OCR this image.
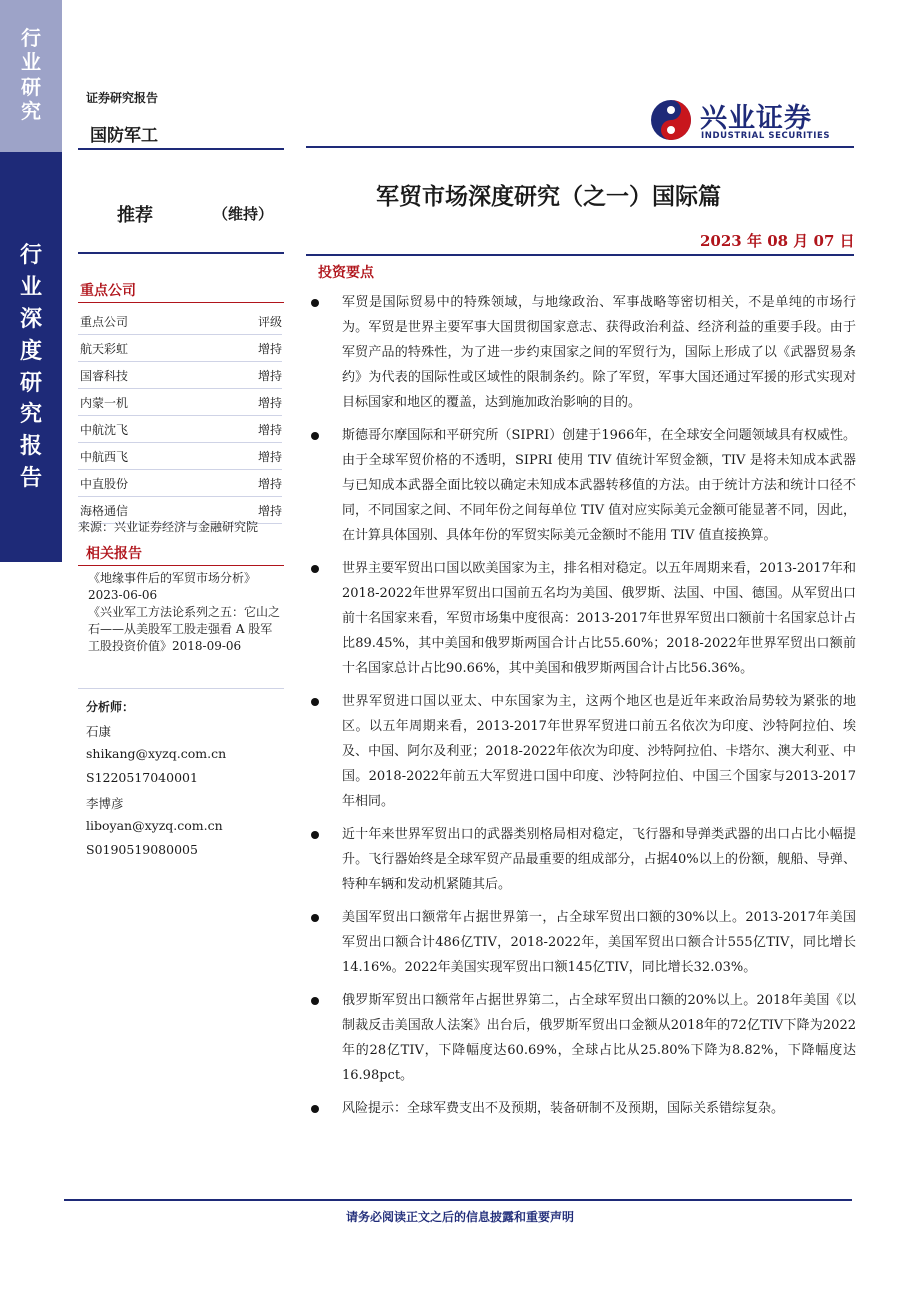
行
业
研
究
行
业
深
度
研
究
报
告
证券研究报告
国防军工
兴业证券
INDUSTRIAL SECURITIES
推荐	（维持）
军贸市场深度研究（之一）国际篇
2023 年 08 月 07 日
重点公司
重点公司	评级
航天彩虹	增持
国睿科技	增持
内蒙一机	增持
中航沈飞	增持
中航西飞	增持
中直股份	增持
海格通信	增持
来源：兴业证券经济与金融研究院
相关报告

《地缘事件后的军贸市场分析》 2023-06-06

《兴业军工方法论系列之五：它山之石——从美股军工股走强看 A 股军工股投资价值》2018-09-06

分析师：
石康
shikang@xyzq.com.cn
S1220517040001
李博彦
liboyan@xyzq.com.cn
S0190519080005
投资要点
军贸是国际贸易中的特殊领域，与地缘政治、军事战略等密切相关，不是单纯的市场行为。军贸是世界主要军事大国贯彻国家意志、获得政治利益、经济利益的重要手段。由于军贸产品的特殊性，为了进一步约束国家之间的军贸行为，国际上形成了以《武器贸易条约》为代表的国际性或区域性的限制条约。除了军贸，军事大国还通过军援的形式实现对目标国家和地区的覆盖，达到施加政治影响的目的。
斯德哥尔摩国际和平研究所（SIPRI）创建于1966年，在全球安全问题领域具有权威性。由于全球军贸价格的不透明，SIPRI 使用 TIV 值统计军贸金额，TIV 是将未知成本武器与已知成本武器全面比较以确定未知成本武器转移值的方法。由于统计方法和统计口径不同，不同国家之间、不同年份之间每单位 TIV 值对应实际美元金额可能显著不同，因此，在计算具体国别、具体年份的军贸实际美元金额时不能用 TIV 值直接换算。
世界主要军贸出口国以欧美国家为主，排名相对稳定。以五年周期来看，2013-2017年和2018-2022年世界军贸出口国前五名均为美国、俄罗斯、法国、中国、德国。从军贸出口前十名国家来看，军贸市场集中度很高：2013-2017年世界军贸出口额前十名国家总计占比89.45%，其中美国和俄罗斯两国合计占比55.60%；2018-2022年世界军贸出口额前十名国家总计占比90.66%，其中美国和俄罗斯两国合计占比56.36%。
世界军贸进口国以亚太、中东国家为主，这两个地区也是近年来政治局势较为紧张的地区。以五年周期来看，2013-2017年世界军贸进口前五名依次为印度、沙特阿拉伯、埃及、中国、阿尔及利亚；2018-2022年依次为印度、沙特阿拉伯、卡塔尔、澳大利亚、中国。2018-2022年前五大军贸进口国中印度、沙特阿拉伯、中国三个国家与2013-2017年相同。
近十年来世界军贸出口的武器类别格局相对稳定，飞行器和导弹类武器的出口占比小幅提升。飞行器始终是全球军贸产品最重要的组成部分，占据40%以上的份额，舰船、导弹、特种车辆和发动机紧随其后。
美国军贸出口额常年占据世界第一，占全球军贸出口额的30%以上。2013-2017年美国军贸出口额合计486亿TIV，2018-2022年，美国军贸出口额合计555亿TIV，同比增长14.16%。2022年美国实现军贸出口额145亿TIV，同比增长32.03%。
俄罗斯军贸出口额常年占据世界第二，占全球军贸出口额的20%以上。2018年美国《以制裁反击美国敌人法案》出台后，俄罗斯军贸出口金额从2018年的72亿TIV下降为2022年的28亿TIV，下降幅度达60.69%，全球占比从25.80%下降为8.82%，下降幅度达16.98pct。
风险提示：全球军费支出不及预期，装备研制不及预期，国际关系错综复杂。
请务必阅读正文之后的信息披露和重要声明
